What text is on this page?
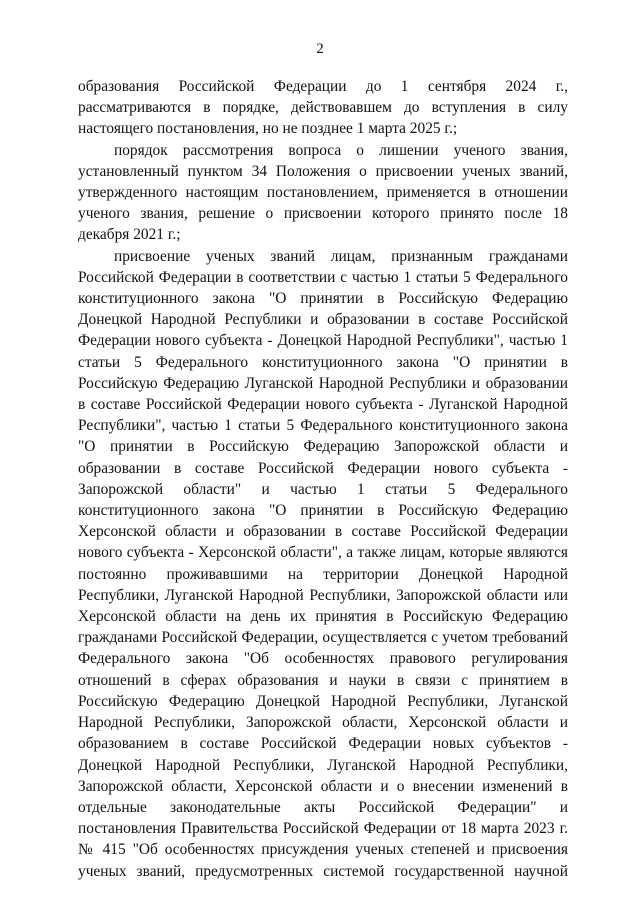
2

образования Российской Федерации до 1 сентября 2024 г., рассматриваются в порядке, действовавшем до вступления в силу настоящего постановления, но не позднее 1 марта 2025 г.;

порядок рассмотрения вопроса о лишении ученого звания, установленный пунктом 34 Положения о присвоении ученых званий, утвержденного настоящим постановлением, применяется в отношении ученого звания, решение о присвоении которого принято после 18 декабря 2021 г.;

присвоение ученых званий лицам, признанным гражданами Российской Федерации в соответствии с частью 1 статьи 5 Федерального конституционного закона "О принятии в Российскую Федерацию Донецкой Народной Республики и образовании в составе Российской Федерации нового субъекта - Донецкой Народной Республики", частью 1 статьи 5 Федерального конституционного закона "О принятии в Российскую Федерацию Луганской Народной Республики и образовании в составе Российской Федерации нового субъекта - Луганской Народной Республики", частью 1 статьи 5 Федерального конституционного закона "О принятии в Российскую Федерацию Запорожской области и образовании в составе Российской Федерации нового субъекта - Запорожской области" и частью 1 статьи 5 Федерального конституционного закона "О принятии в Российскую Федерацию Херсонской области и образовании в составе Российской Федерации нового субъекта - Херсонской области", а также лицам, которые являются постоянно проживавшими на территории Донецкой Народной Республики, Луганской Народной Республики, Запорожской области или Херсонской области на день их принятия в Российскую Федерацию гражданами Российской Федерации, осуществляется с учетом требований Федерального закона "Об особенностях правового регулирования отношений в сферах образования и науки в связи с принятием в Российскую Федерацию Донецкой Народной Республики, Луганской Народной Республики, Запорожской области, Херсонской области и образованием в составе Российской Федерации новых субъектов - Донецкой Народной Республики, Луганской Народной Республики, Запорожской области, Херсонской области и о внесении изменений в отдельные законодательные акты Российской Федерации" и постановления Правительства Российской Федерации от 18 марта 2023 г. № 415 "Об особенностях присуждения ученых степеней и присвоения ученых званий, предусмотренных системой государственной научной
